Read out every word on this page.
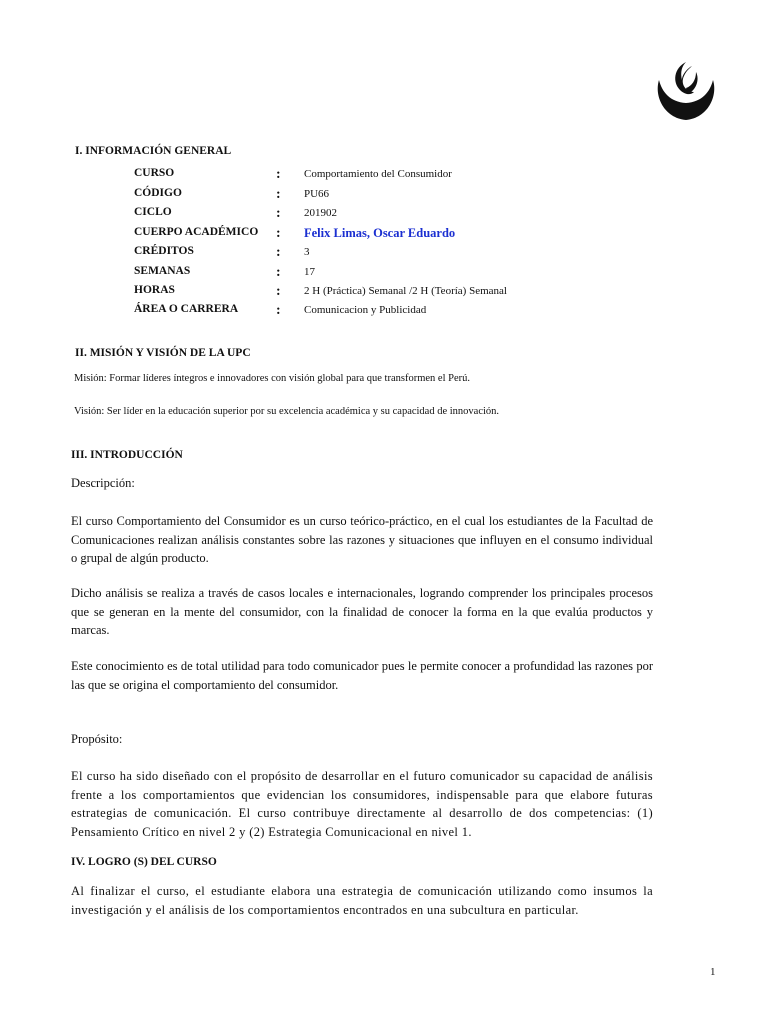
I. INFORMACIÓN GENERAL
CURSO	: Comportamiento del Consumidor
CÓDIGO	: PU66
CICLO	: 201902
CUERPO ACADÉMICO : Felix Limas, Oscar Eduardo
CRÉDITOS	: 3
SEMANAS	: 17
HORAS	: 2 H (Práctica) Semanal /2 H (Teoría) Semanal
ÁREA O CARRERA	: Comunicacion y Publicidad
II. MISIÓN Y VISIÓN DE LA UPC
Misión: Formar líderes íntegros e innovadores con visión global para que transformen el Perú.
Visión: Ser líder en la educación superior por su excelencia académica y su capacidad de innovación.
III. INTRODUCCIÓN
Descripción:

El curso Comportamiento del Consumidor es un curso teórico-práctico, en el cual los estudiantes de la Facultad de Comunicaciones realizan análisis constantes sobre las razones y situaciones que influyen en el consumo individual o grupal de algún producto.

Dicho análisis se realiza a través de casos locales e internacionales, logrando comprender los principales procesos que se generan en la mente del consumidor, con la finalidad de conocer la forma en la que evalúa productos y marcas.

Este conocimiento es de total utilidad para todo comunicador pues le permite conocer a profundidad las razones por las que se origina el comportamiento del consumidor.

Propósito:

El curso ha sido diseñado con el propósito de desarrollar en el futuro comunicador su capacidad de análisis frente a los comportamientos que evidencian los consumidores, indispensable para que elabore futuras estrategias de comunicación. El curso contribuye directamente al desarrollo de dos competencias: (1) Pensamiento Crítico en nivel 2 y (2) Estrategia Comunicacional en nivel 1.

IV. LOGRO (S) DEL CURSO

Al finalizar el curso, el estudiante elabora una estrategia de comunicación utilizando como insumos la investigación y el análisis de los comportamientos encontrados en una subcultura en particular.

1
